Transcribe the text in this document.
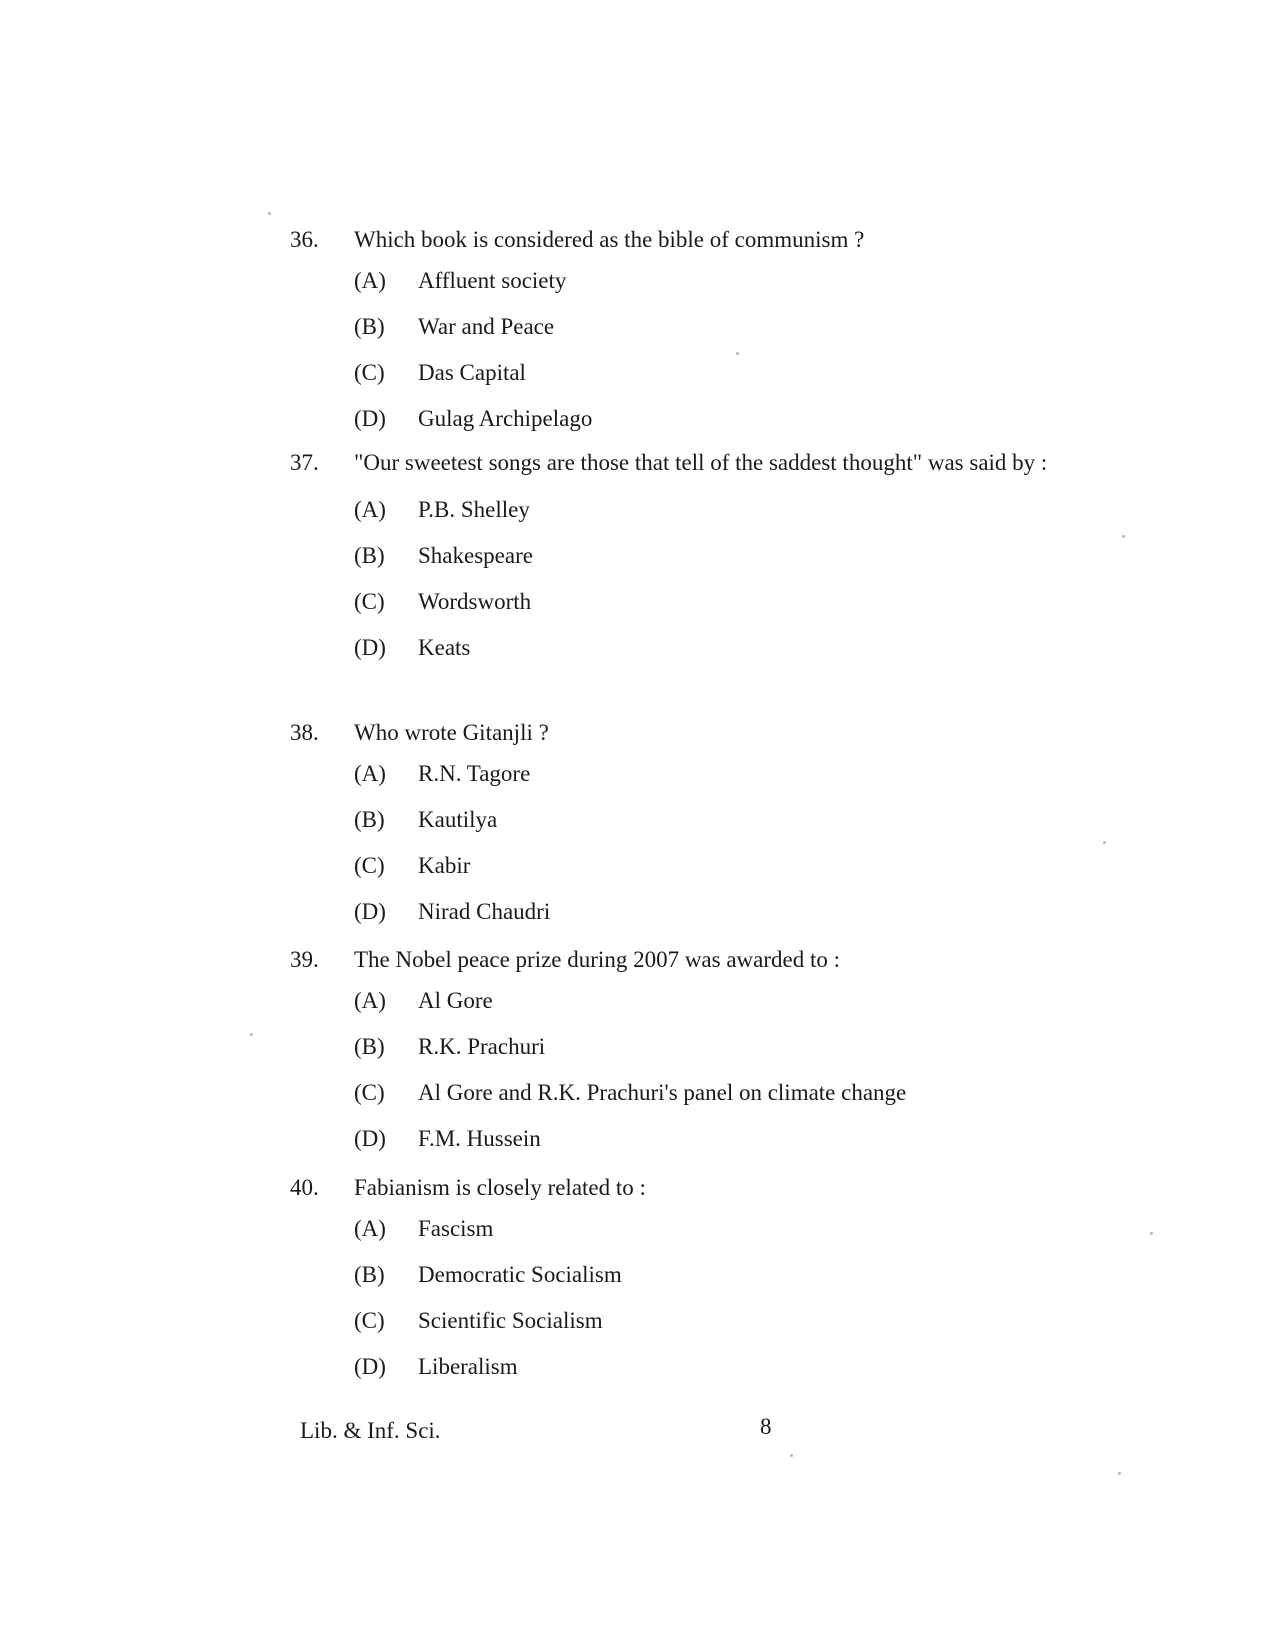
36.	Which book is considered as the bible of communism ?
(A)	Affluent society
(B)	War and Peace
(C)	Das Capital
(D)	Gulag Archipelago
37.	"Our sweetest songs are those that tell of the saddest thought" was said by :
(A)	P.B. Shelley
(B)	Shakespeare
(C)	Wordsworth
(D)	Keats
38.	Who wrote Gitanjli ?
(A)	R.N. Tagore
(B)	Kautilya
(C)	Kabir
(D)	Nirad Chaudri
39.	The Nobel peace prize during 2007 was awarded to :
(A)	Al Gore
(B)	R.K. Prachuri
(C)	Al Gore and R.K. Prachuri's panel on climate change
(D)	F.M. Hussein
40.	Fabianism is closely related to :
(A)	Fascism
(B)	Democratic Socialism
(C)	Scientific Socialism
(D)	Liberalism
Lib. & Inf. Sci.	8
